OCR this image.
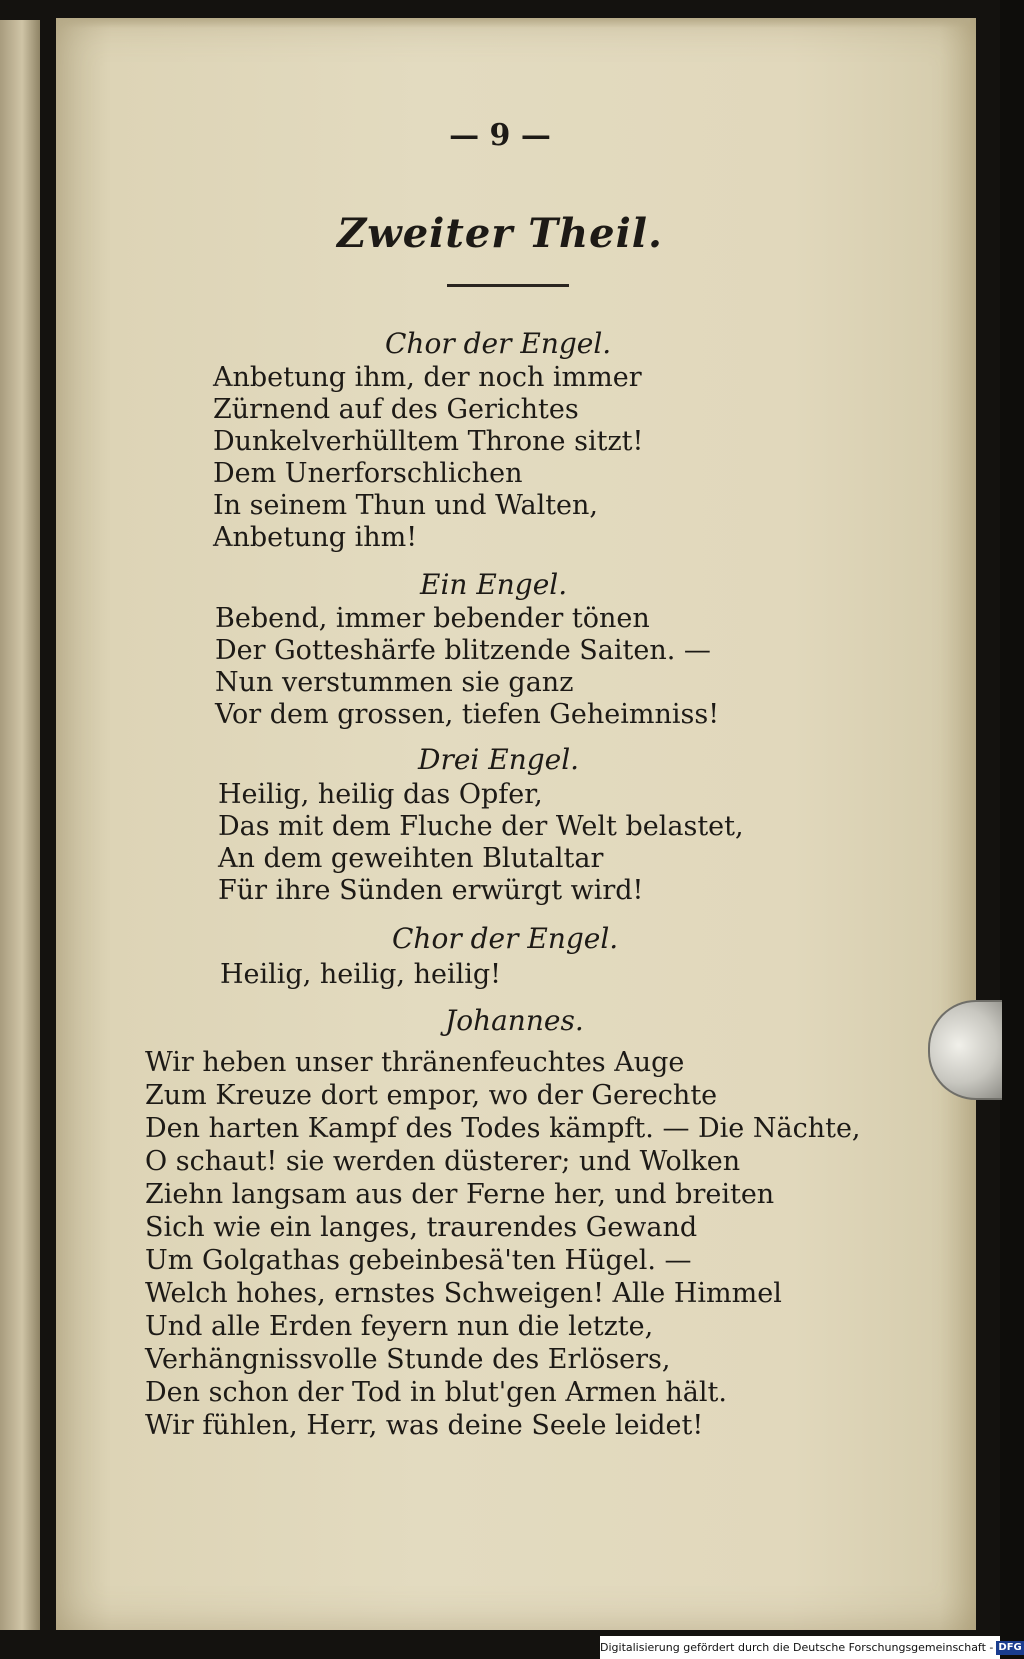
— 9 —
Zweiter Theil.
Chor der Engel.
Anbetung ihm, der noch immer
Zürnend auf des Gerichtes
Dunkelverhülltem Throne sitzt!
Dem Unerforschlichen
In seinem Thun und Walten,
Anbetung ihm!
Ein Engel.
Bebend, immer bebender tönen
Der Gotteshärfe blitzende Saiten. —
Nun verstummen sie ganz
Vor dem grossen, tiefen Geheimniss!
Drei Engel.
Heilig, heilig das Opfer,
Das mit dem Fluche der Welt belastet,
An dem geweihten Blutaltar
Für ihre Sünden erwürgt wird!
Chor der Engel.
Heilig, heilig, heilig!
Johannes.
Wir heben unser thränenfeuchtes Auge
Zum Kreuze dort empor, wo der Gerechte
Den harten Kampf des Todes kämpft. — Die Nächte,
O schaut! sie werden düsterer; und Wolken
Ziehn langsam aus der Ferne her, und breiten
Sich wie ein langes, traurendes Gewand
Um Golgathas gebeinbesä'ten Hügel. —
Welch hohes, ernstes Schweigen! Alle Himmel
Und alle Erden feyern nun die letzte,
Verhängnissvolle Stunde des Erlösers,
Den schon der Tod in blut'gen Armen hält.
Wir fühlen, Herr, was deine Seele leidet!
Digitalisierung gefördert durch die Deutsche Forschungsgemeinschaft - DFG
